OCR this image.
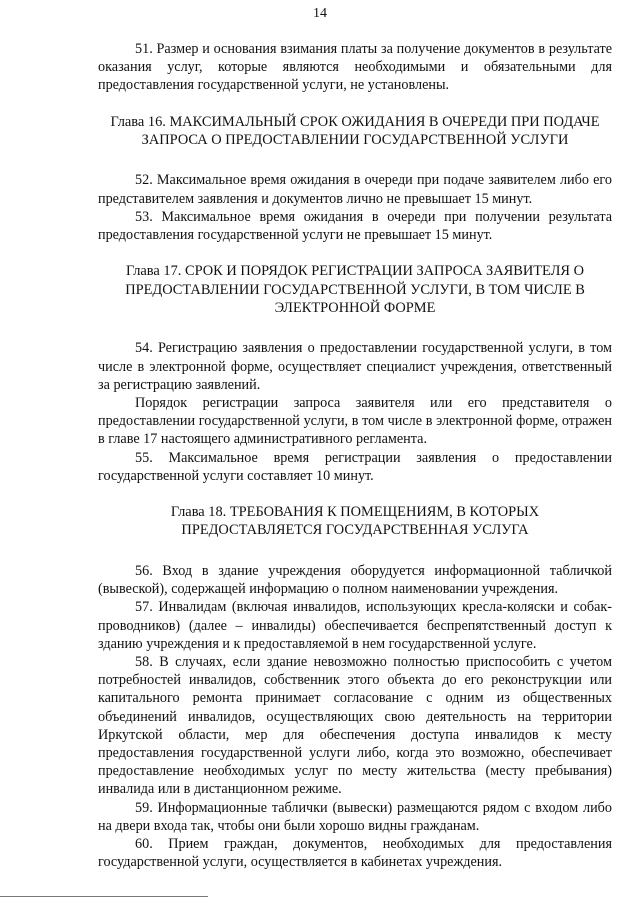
14

51. Размер и основания взимания платы за получение документов в результате оказания услуг, которые являются необходимыми и обязательными для предоставления государственной услуги, не установлены.

Глава 16. МАКСИМАЛЬНЫЙ СРОК ОЖИДАНИЯ В ОЧЕРЕДИ ПРИ ПОДАЧЕ ЗАПРОСА О ПРЕДОСТАВЛЕНИИ ГОСУДАРСТВЕННОЙ УСЛУГИ

52. Максимальное время ожидания в очереди при подаче заявителем либо его представителем заявления и документов лично не превышает 15 минут.

53. Максимальное время ожидания в очереди при получении результата предоставления государственной услуги не превышает 15 минут.

Глава 17. СРОК И ПОРЯДОК РЕГИСТРАЦИИ ЗАПРОСА ЗАЯВИТЕЛЯ О ПРЕДОСТАВЛЕНИИ ГОСУДАРСТВЕННОЙ УСЛУГИ, В ТОМ ЧИСЛЕ В ЭЛЕКТРОННОЙ ФОРМЕ

54. Регистрацию заявления о предоставлении государственной услуги, в том числе в электронной форме, осуществляет специалист учреждения, ответственный за регистрацию заявлений.

Порядок регистрации запроса заявителя или его представителя о предоставлении государственной услуги, в том числе в электронной форме, отражен в главе 17 настоящего административного регламента.

55. Максимальное время регистрации заявления о предоставлении государственной услуги составляет 10 минут.

Глава 18. ТРЕБОВАНИЯ К ПОМЕЩЕНИЯМ, В КОТОРЫХ ПРЕДОСТАВЛЯЕТСЯ ГОСУДАРСТВЕННАЯ УСЛУГА

56. Вход в здание учреждения оборудуется информационной табличкой (вывеской), содержащей информацию о полном наименовании учреждения.

57. Инвалидам (включая инвалидов, использующих кресла-коляски и собак-проводников) (далее – инвалиды) обеспечивается беспрепятственный доступ к зданию учреждения и к предоставляемой в нем государственной услуге.

58. В случаях, если здание невозможно полностью приспособить с учетом потребностей инвалидов, собственник этого объекта до его реконструкции или капитального ремонта принимает согласование с одним из общественных объединений инвалидов, осуществляющих свою деятельность на территории Иркутской области, мер для обеспечения доступа инвалидов к месту предоставления государственной услуги либо, когда это возможно, обеспечивает предоставление необходимых услуг по месту жительства (месту пребывания) инвалида или в дистанционном режиме.

59. Информационные таблички (вывески) размещаются рядом с входом либо на двери входа так, чтобы они были хорошо видны гражданам.

60. Прием граждан, документов, необходимых для предоставления государственной услуги, осуществляется в кабинетах учреждения.
